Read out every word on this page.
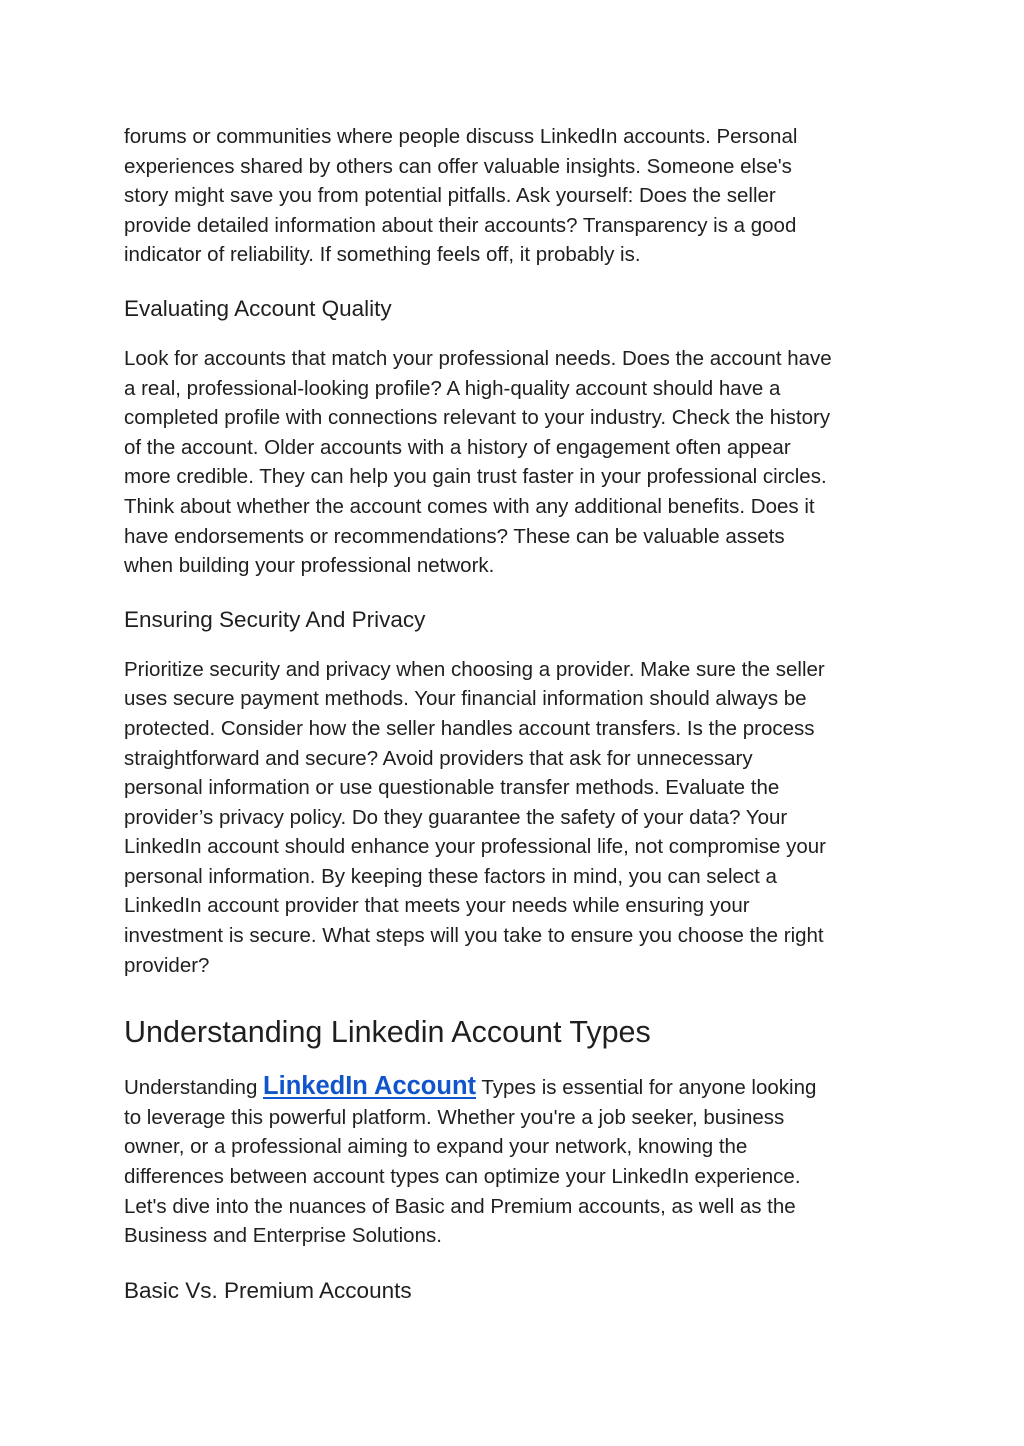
forums or communities where people discuss LinkedIn accounts. Personal
experiences shared by others can offer valuable insights. Someone else's
story might save you from potential pitfalls. Ask yourself: Does the seller
provide detailed information about their accounts? Transparency is a good
indicator of reliability. If something feels off, it probably is.

Evaluating Account Quality

Look for accounts that match your professional needs. Does the account have
a real, professional-looking profile? A high-quality account should have a
completed profile with connections relevant to your industry. Check the history
of the account. Older accounts with a history of engagement often appear
more credible. They can help you gain trust faster in your professional circles.
Think about whether the account comes with any additional benefits. Does it
have endorsements or recommendations? These can be valuable assets
when building your professional network.

Ensuring Security And Privacy

Prioritize security and privacy when choosing a provider. Make sure the seller
uses secure payment methods. Your financial information should always be
protected. Consider how the seller handles account transfers. Is the process
straightforward and secure? Avoid providers that ask for unnecessary
personal information or use questionable transfer methods. Evaluate the
provider’s privacy policy. Do they guarantee the safety of your data? Your
LinkedIn account should enhance your professional life, not compromise your
personal information. By keeping these factors in mind, you can select a
LinkedIn account provider that meets your needs while ensuring your
investment is secure. What steps will you take to ensure you choose the right
provider?

Understanding Linkedin Account Types

Understanding LinkedIn Account Types is essential for anyone looking
to leverage this powerful platform. Whether you're a job seeker, business
owner, or a professional aiming to expand your network, knowing the
differences between account types can optimize your LinkedIn experience.
Let's dive into the nuances of Basic and Premium accounts, as well as the
Business and Enterprise Solutions.

Basic Vs. Premium Accounts
